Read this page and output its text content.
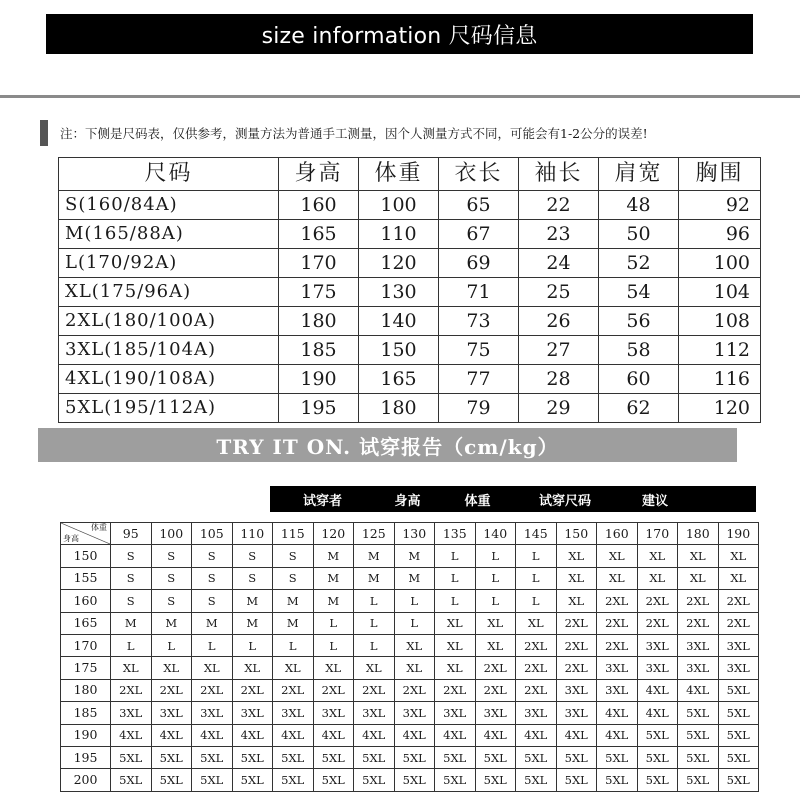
size information 尺码信息
注：下侧是尺码表，仅供参考，测量方法为普通手工测量，因个人测量方式不同，可能会有1-2公分的误差!
尺码	身高	体重	衣长	袖长	肩宽	胸围
S(160/84A)	160	100	65	22	48	92
M(165/88A)	165	110	67	23	50	96
L(170/92A)	170	120	69	24	52	100
XL(175/96A)	175	130	71	25	54	104
2XL(180/100A)	180	140	73	26	56	108
3XL(185/104A)	185	150	75	27	58	112
4XL(190/108A)	190	165	77	28	60	116
5XL(195/112A)	195	180	79	29	62	120
TRY IT ON. 试穿报告（cm/kg）
试穿者	身高	体重	试穿尺码	建议
体重
身高	95	100	105	110	115	120	125	130	135	140	145	150	160	170	180	190
150	S	S	S	S	S	M	M	M	L	L	L	XL	XL	XL	XL	XL
155	S	S	S	S	S	M	M	M	L	L	L	XL	XL	XL	XL	XL
160	S	S	S	M	M	M	L	L	L	L	L	XL	2XL	2XL	2XL	2XL
165	M	M	M	M	M	L	L	L	XL	XL	XL	2XL	2XL	2XL	2XL	2XL
170	L	L	L	L	L	L	L	XL	XL	XL	2XL	2XL	2XL	3XL	3XL	3XL
175	XL	XL	XL	XL	XL	XL	XL	XL	XL	2XL	2XL	2XL	3XL	3XL	3XL	3XL
180	2XL	2XL	2XL	2XL	2XL	2XL	2XL	2XL	2XL	2XL	2XL	3XL	3XL	4XL	4XL	5XL
185	3XL	3XL	3XL	3XL	3XL	3XL	3XL	3XL	3XL	3XL	3XL	3XL	4XL	4XL	5XL	5XL
190	4XL	4XL	4XL	4XL	4XL	4XL	4XL	4XL	4XL	4XL	4XL	4XL	4XL	5XL	5XL	5XL
195	5XL	5XL	5XL	5XL	5XL	5XL	5XL	5XL	5XL	5XL	5XL	5XL	5XL	5XL	5XL	5XL
200	5XL	5XL	5XL	5XL	5XL	5XL	5XL	5XL	5XL	5XL	5XL	5XL	5XL	5XL	5XL	5XL
